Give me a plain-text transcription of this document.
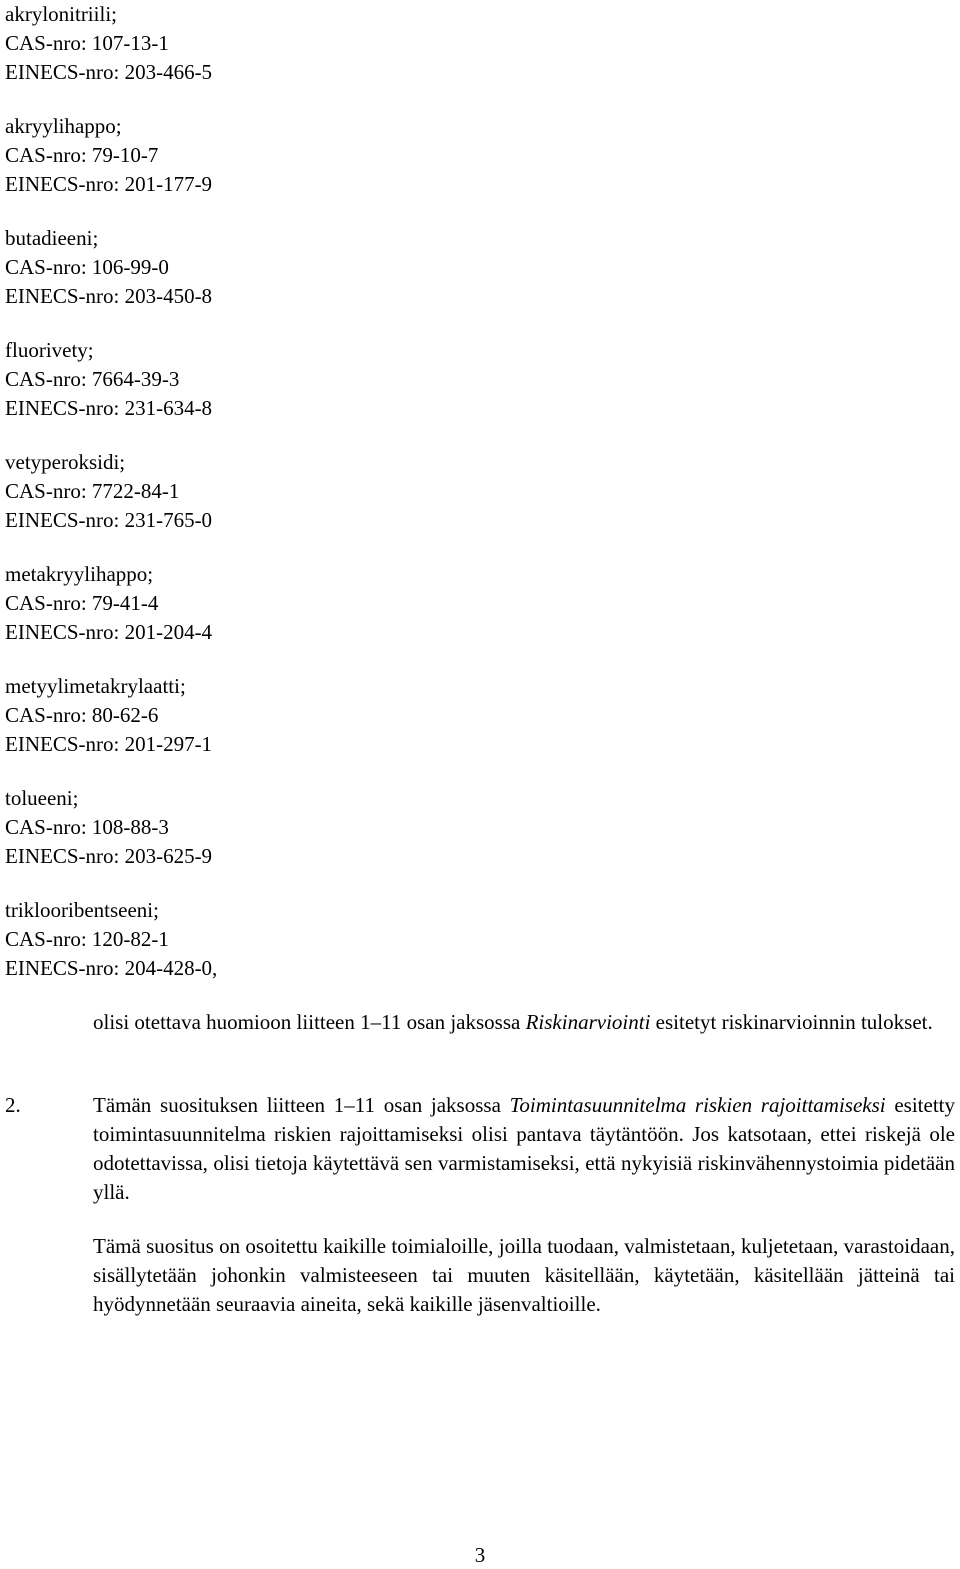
akrylonitriili;
CAS-nro: 107-13-1
EINECS-nro: 203-466-5
akryylihappo;
CAS-nro: 79-10-7
EINECS-nro: 201-177-9
butadieeni;
CAS-nro: 106-99-0
EINECS-nro: 203-450-8
fluorivety;
CAS-nro: 7664-39-3
EINECS-nro: 231-634-8
vetyperoksidi;
CAS-nro: 7722-84-1
EINECS-nro: 231-765-0
metakryylihappo;
CAS-nro: 79-41-4
EINECS-nro: 201-204-4
metyylimetakrylaatti;
CAS-nro: 80-62-6
EINECS-nro: 201-297-1
tolueeni;
CAS-nro: 108-88-3
EINECS-nro: 203-625-9
triklooribentseeni;
CAS-nro: 120-82-1
EINECS-nro: 204-428-0,

olisi otettava huomioon liitteen 1–11 osan jaksossa Riskinarviointi esitetyt riskinarvioinnin tulokset.

2.	Tämän suosituksen liitteen 1–11 osan jaksossa Toimintasuunnitelma riskien rajoittamiseksi esitetty toimintasuunnitelma riskien rajoittamiseksi olisi pantava täytäntöön. Jos katsotaan, ettei riskejä ole odotettavissa, olisi tietoja käytettävä sen varmistamiseksi, että nykyisiä riskinvähennystoimia pidetään yllä.

Tämä suositus on osoitettu kaikille toimialoille, joilla tuodaan, valmistetaan, kuljetetaan, varastoidaan, sisällytetään johonkin valmisteeseen tai muuten käsitellään, käytetään, käsitellään jätteinä tai hyödynnetään seuraavia aineita, sekä kaikille jäsenvaltioille.

3
